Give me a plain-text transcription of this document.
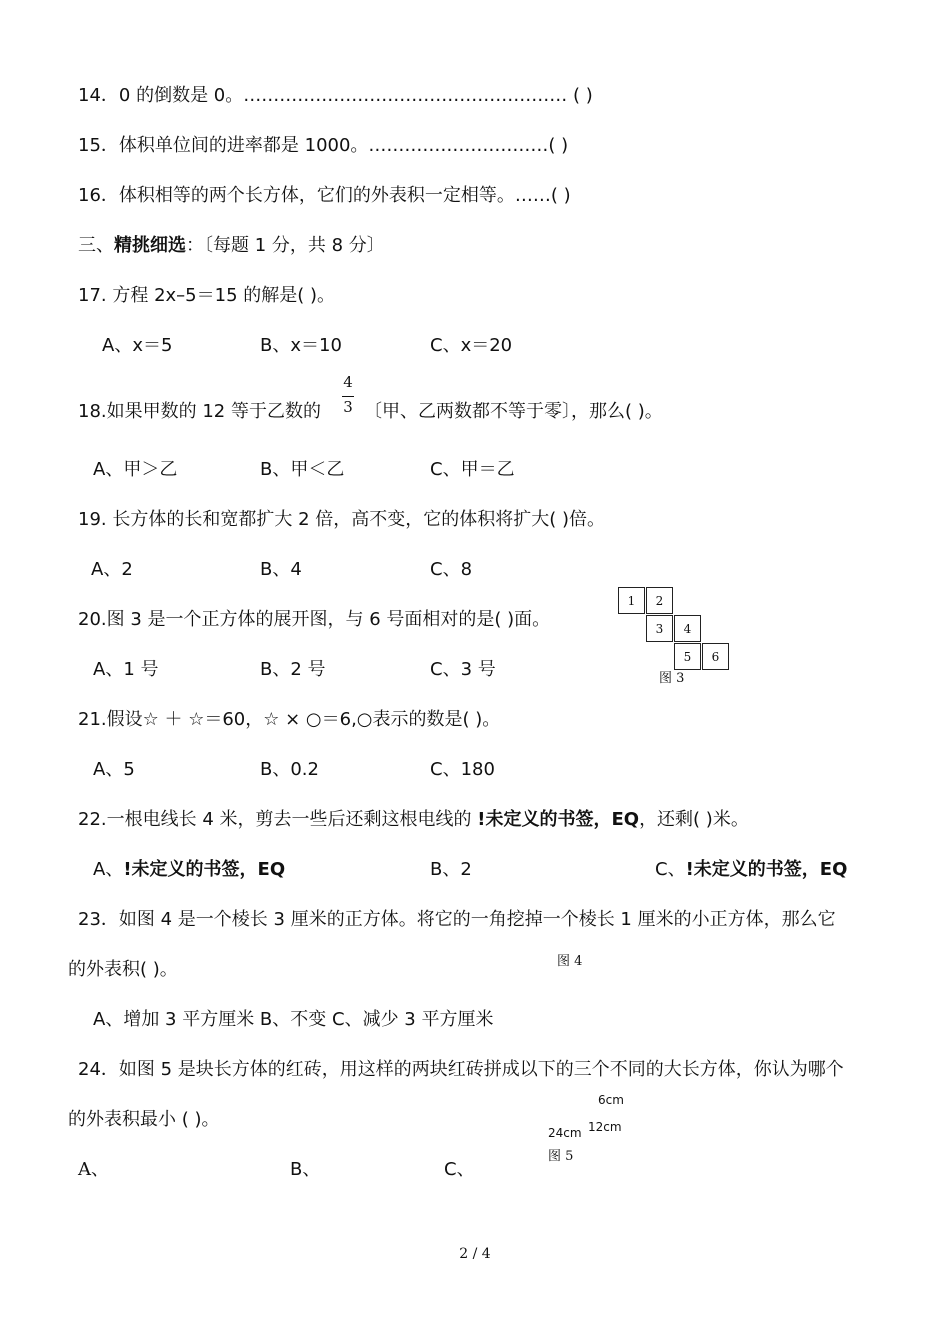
14．0 的倒数是 0。……………………………………………… ( )
15．体积单位间的进率都是 1000。…………………………( )
16．体积相等的两个长方体，它们的外表积一定相等。……( )
三、精挑细选：〔每题 1 分，共 8 分〕
17. 方程 2x–5＝15 的解是( )。
A、x＝5	B、x＝10	C、x＝20
18.如果甲数的 12 等于乙数的
4
3 〔甲、乙两数都不等于零〕，那么( )。
A、甲＞乙	B、甲＜乙	C、甲＝乙
19. 长方体的长和宽都扩大 2 倍，高不变，它的体积将扩大( )倍。
A、2	B、4	C、8
20.图 3 是一个正方体的展开图，与 6 号面相对的是( )面。
A、1 号	B、2 号	C、3 号
1	2
3	4
5	6
图 3
21.假设☆ ＋ ☆＝60，☆ × ○＝6,○表示的数是( )。
A、5	B、0.2	C、180
22.一根电线长 4 米，剪去一些后还剩这根电线的 !未定义的书签，EQ，还剩( )米。
A、!未定义的书签，EQ	B、2	C、!未定义的书签，EQ
23．如图 4 是一个棱长 3 厘米的正方体。将它的一角挖掉一个棱长 1 厘米的小正方体，那么它
的外表积( )。	图 4
A、增加 3 平方厘米 B、不变 C、减少 3 平方厘米
24．如图 5 是块长方体的红砖，用这样的两块红砖拼成以下的三个不同的大长方体，你认为哪个
的外表积最小 ( )。
6cm
24cm 12cm
图 5
A、	B、	C、
2 / 4
